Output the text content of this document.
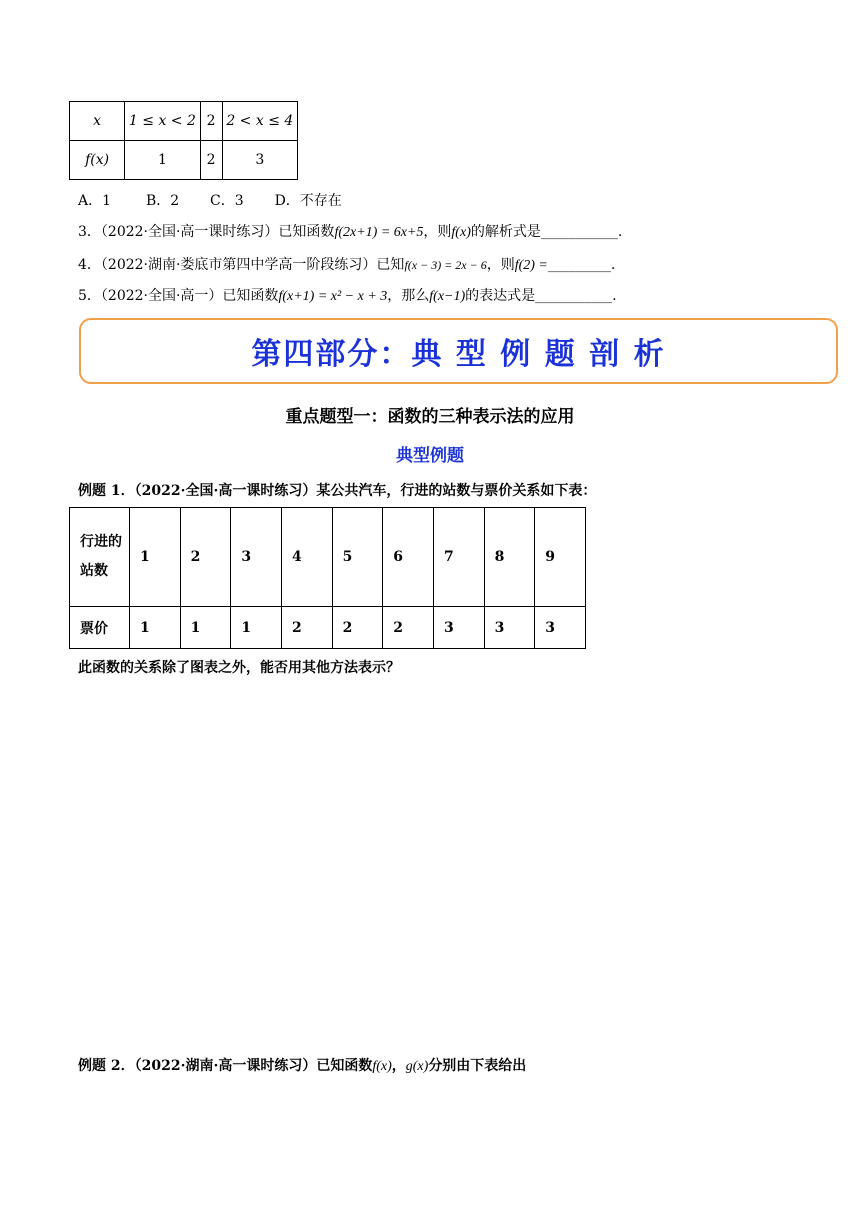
x	1 ≤ x < 2	2	2 < x ≤ 4
f(x)	1	2	3
A．1 B．2 C．3 D．不存在
3．（2022·全国·高一课时练习）已知函数f(2x+1) = 6x+5，则f(x)的解析式是___________.
4．（2022·湖南·娄底市第四中学高一阶段练习）已知f(x − 3) = 2x − 6，则f(2) =_________.
5．（2022·全国·高一）已知函数f(x+1) = x² − x + 3，那么f(x−1)的表达式是___________.
第四部分：典 型 例 题 剖 析
重点题型一：函数的三种表示法的应用
典型例题
例题 1．（2022·全国·高一课时练习）某公共汽车，行进的站数与票价关系如下表：
行进的站数	1	2	3	4	5	6	7	8	9
票价	1	1	1	2	2	2	3	3	3
此函数的关系除了图表之外，能否用其他方法表示？
例题 2．（2022·湖南·高一课时练习）已知函数f(x)，g(x)分别由下表给出
